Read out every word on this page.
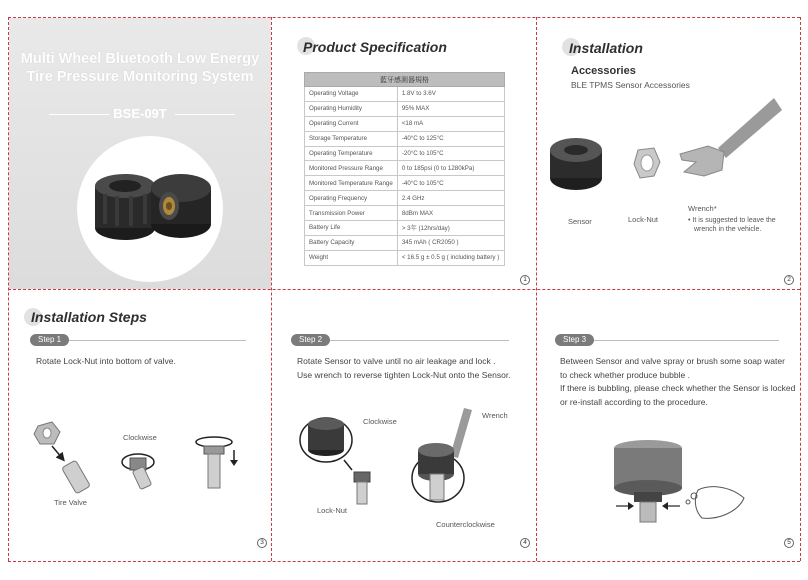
Multi Wheel Bluetooth Low Energy
Tire Pressure Monitoring System
BSE-09T
Quick Installation Guide
Product Specification
藍牙感測器規格	
Operating Voltage	1.8V to 3.6V
Operating Humidity	95% MAX
Operating Current	<18 mA
Storage Temperature	-40°C to 125°C
Operating Temperature	-20°C to 105°C
Monitored Pressure Range	0 to 185psi (0 to 1280kPa)
Monitored Temperature Range	-40°C to 105°C
Operating Frequency	2.4 GHz
Transmission Power	8dBm MAX
Battery Life	> 3年 (12hrs/day)
Battery Capacity	345 mAh ( CR2050 )
Weight	< 16.5 g ± 0.5 g ( including battery )
1
Installation
Accessories
BLE TPMS Sensor Accessories
Sensor	Lock-Nut
Wrench*
• It is suggested to leave the
wrench in the vehicle.
2
Installation Steps
Step 1
Rotate Lock-Nut into bottom of valve.
Tire Valve
Clockwise
3
Step 2
Rotate Sensor to valve until no air leakage and lock .
Use wrench to reverse tighten Lock-Nut onto the Sensor.
Clockwise
Lock-Nut
Wrench
Counterclockwise
4
Step 3
Between Sensor and valve spray or brush some soap water
to check whether produce bubble .
If there is bubbling, please check whether the Sensor is locked
or re-install according to the procedure.
5
